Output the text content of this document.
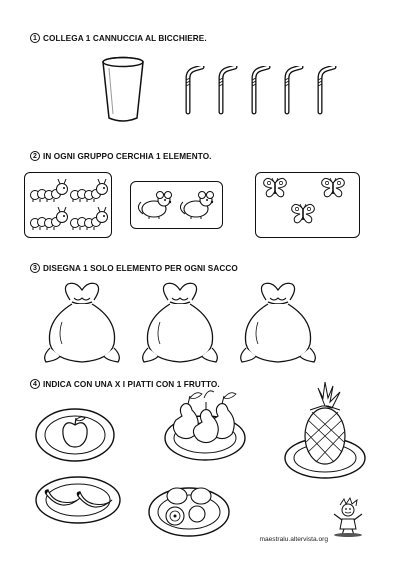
1 COLLEGA 1 CANNUCCIA AL BICCHIERE.
2 IN OGNI GRUPPO CERCHIA 1 ELEMENTO.
3 DISEGNA 1 SOLO ELEMENTO PER OGNI SACCO
4 INDICA CON UNA X I PIATTI CON 1 FRUTTO.
maestralu.altervista.org
